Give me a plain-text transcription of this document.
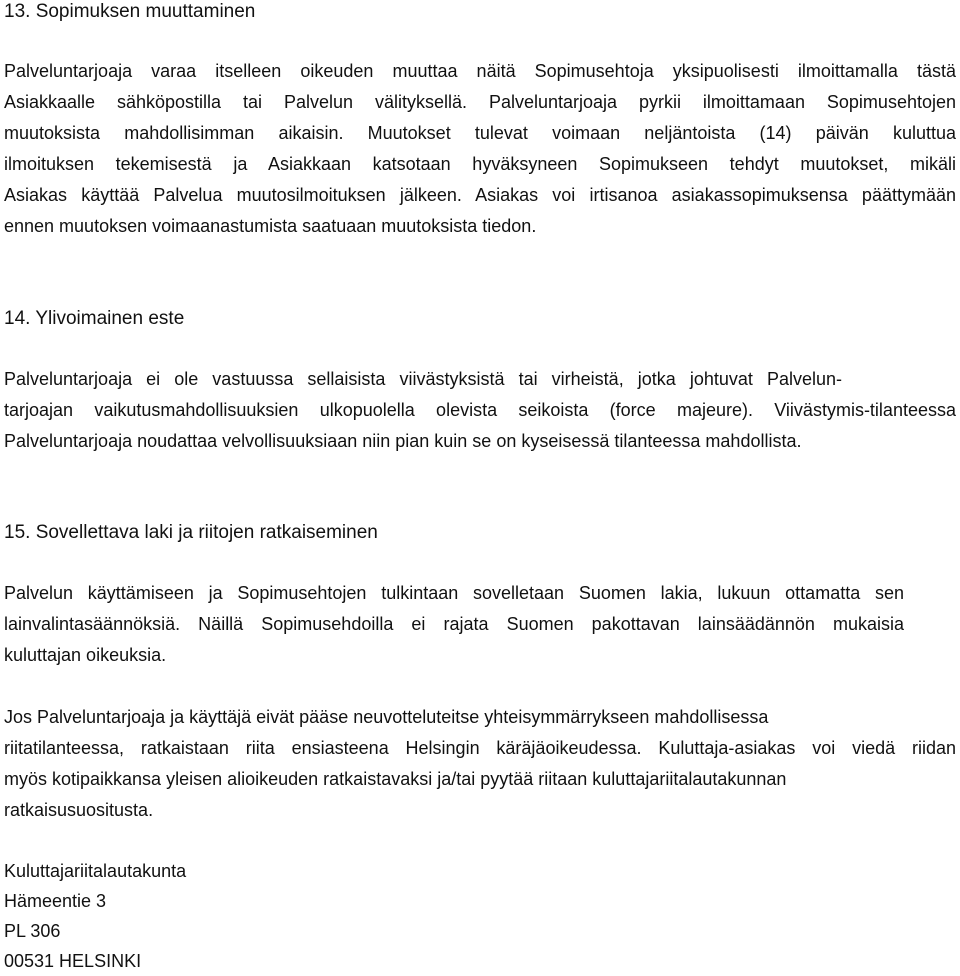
13. Sopimuksen muuttaminen
Palveluntarjoaja varaa itselleen oikeuden muuttaa näitä Sopimusehtoja yksipuolisesti ilmoittamalla tästä
Asiakkaalle sähköpostilla tai Palvelun välityksellä. Palveluntarjoaja pyrkii ilmoittamaan Sopimusehtojen
muutoksista mahdollisimman aikaisin. Muutokset tulevat voimaan neljäntoista (14) päivän kuluttua
ilmoituksen tekemisestä ja Asiakkaan katsotaan hyväksyneen Sopimukseen tehdyt muutokset, mikäli
Asiakas käyttää Palvelua muutosilmoituksen jälkeen. Asiakas voi irtisanoa asiakassopimuksensa päättymään
ennen muutoksen voimaanastumista saatuaan muutoksista tiedon.
14. Ylivoimainen este
Palveluntarjoaja ei ole vastuussa sellaisista viivästyksistä tai virheistä, jotka johtuvat Palvelun-
tarjoajan vaikutusmahdollisuuksien ulkopuolella olevista seikoista (force majeure). Viivästymis-tilanteessa
Palveluntarjoaja noudattaa velvollisuuksiaan niin pian kuin se on kyseisessä tilanteessa mahdollista.
15. Sovellettava laki ja riitojen ratkaiseminen
Palvelun käyttämiseen ja Sopimusehtojen tulkintaan sovelletaan Suomen lakia, lukuun ottamatta sen
lainvalintasäännöksiä. Näillä Sopimusehdoilla ei rajata Suomen pakottavan lainsäädännön mukaisia
kuluttajan oikeuksia.
Jos Palveluntarjoaja ja käyttäjä eivät pääse neuvotteluteitse yhteisymmärrykseen mahdollisessa
riitatilanteessa, ratkaistaan riita ensiasteena Helsingin käräjäoikeudessa. Kuluttaja-asiakas voi viedä riidan
myös kotipaikkansa yleisen alioikeuden ratkaistavaksi ja/tai pyytää riitaan kuluttajariitalautakunnan
ratkaisusuositusta.
Kuluttajariitalautakunta
Hämeentie 3
PL 306
00531 HELSINKI
